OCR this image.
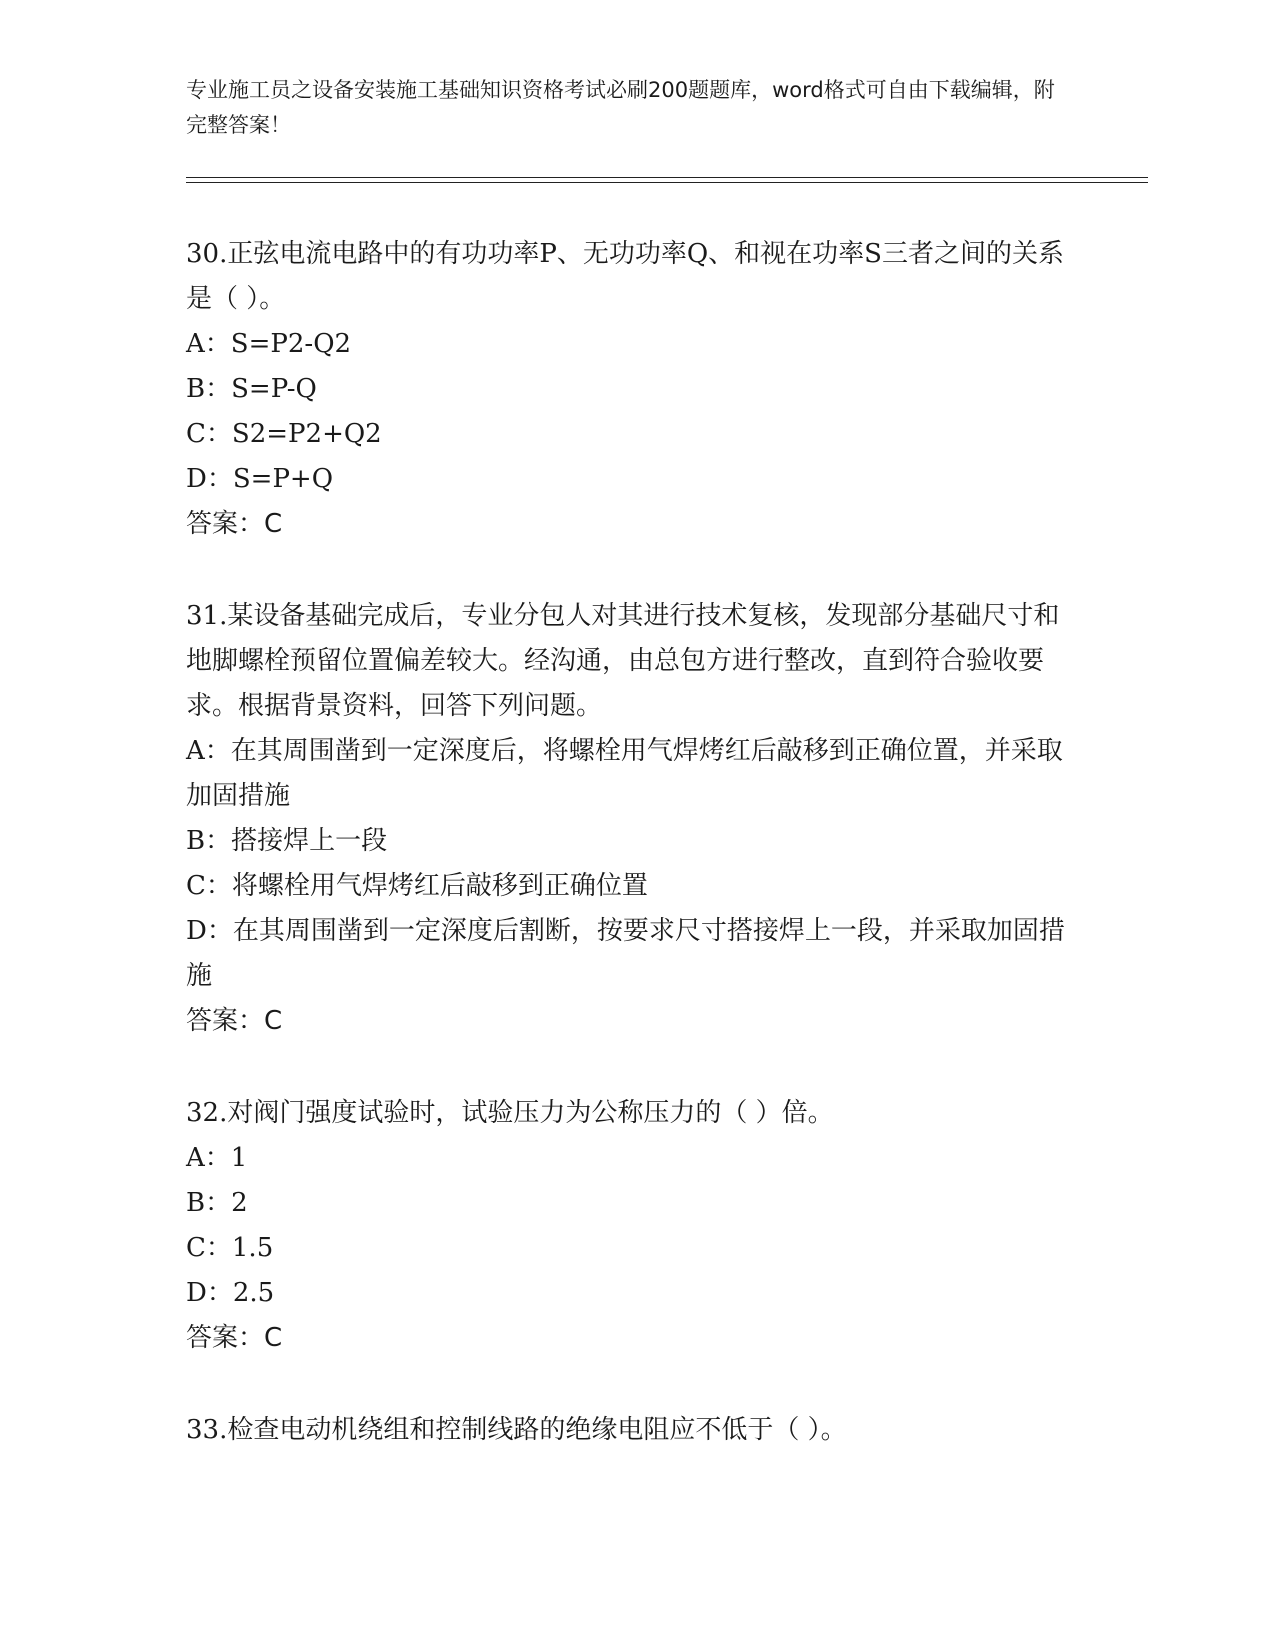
专业施工员之设备安装施工基础知识资格考试必刷200题题库，word格式可自由下载编辑，附完整答案！
30.正弦电流电路中的有功功率P、无功功率Q、和视在功率S三者之间的关系是（ ）。
A：S=P2-Q2
B：S=P-Q
C：S2=P2+Q2
D：S=P+Q
答案：C
31.某设备基础完成后，专业分包人对其进行技术复核，发现部分基础尺寸和地脚螺栓预留位置偏差较大。经沟通，由总包方进行整改，直到符合验收要求。根据背景资料，回答下列问题。
A：在其周围凿到一定深度后，将螺栓用气焊烤红后敲移到正确位置，并采取加固措施
B：搭接焊上一段
C：将螺栓用气焊烤红后敲移到正确位置
D：在其周围凿到一定深度后割断，按要求尺寸搭接焊上一段，并采取加固措施
答案：C
32.对阀门强度试验时，试验压力为公称压力的（ ）倍。
A：1
B：2
C：1.5
D：2.5
答案：C
33.检查电动机绕组和控制线路的绝缘电阻应不低于（ ）。
